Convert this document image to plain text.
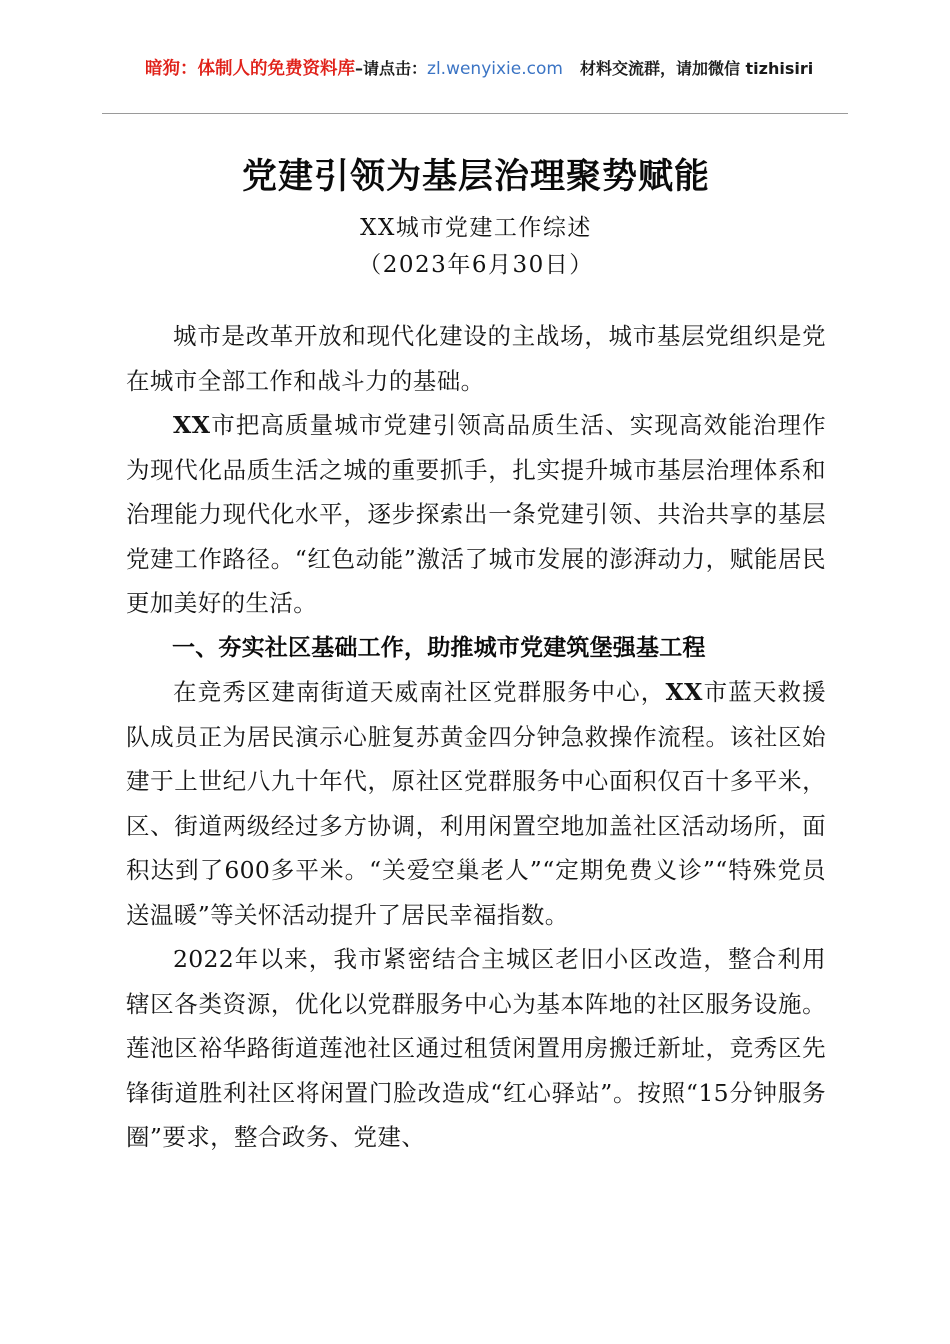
暗狗：体制人的免费资料库–请点击：zl.wenyixie.com 材料交流群，请加微信 tizhisiri
党建引领为基层治理聚势赋能
XX城市党建工作综述
（2023年6月30日）

城市是改革开放和现代化建设的主战场，城市基层党组织是党在城市全部工作和战斗力的基础。

XX市把高质量城市党建引领高品质生活、实现高效能治理作为现代化品质生活之城的重要抓手，扎实提升城市基层治理体系和治理能力现代化水平，逐步探索出一条党建引领、共治共享的基层党建工作路径。“红色动能”激活了城市发展的澎湃动力，赋能居民更加美好的生活。

一、夯实社区基础工作，助推城市党建筑堡强基工程

在竞秀区建南街道天威南社区党群服务中心，XX市蓝天救援队成员正为居民演示心脏复苏黄金四分钟急救操作流程。该社区始建于上世纪八九十年代，原社区党群服务中心面积仅百十多平米，区、街道两级经过多方协调，利用闲置空地加盖社区活动场所，面积达到了600多平米。“关爱空巢老人”“定期免费义诊”“特殊党员送温暖”等关怀活动提升了居民幸福指数。

2022年以来，我市紧密结合主城区老旧小区改造，整合利用辖区各类资源，优化以党群服务中心为基本阵地的社区服务设施。莲池区裕华路街道莲池社区通过租赁闲置用房搬迁新址，竞秀区先锋街道胜利社区将闲置门脸改造成“红心驿站”。按照“15分钟服务圈”要求，整合政务、党建、
